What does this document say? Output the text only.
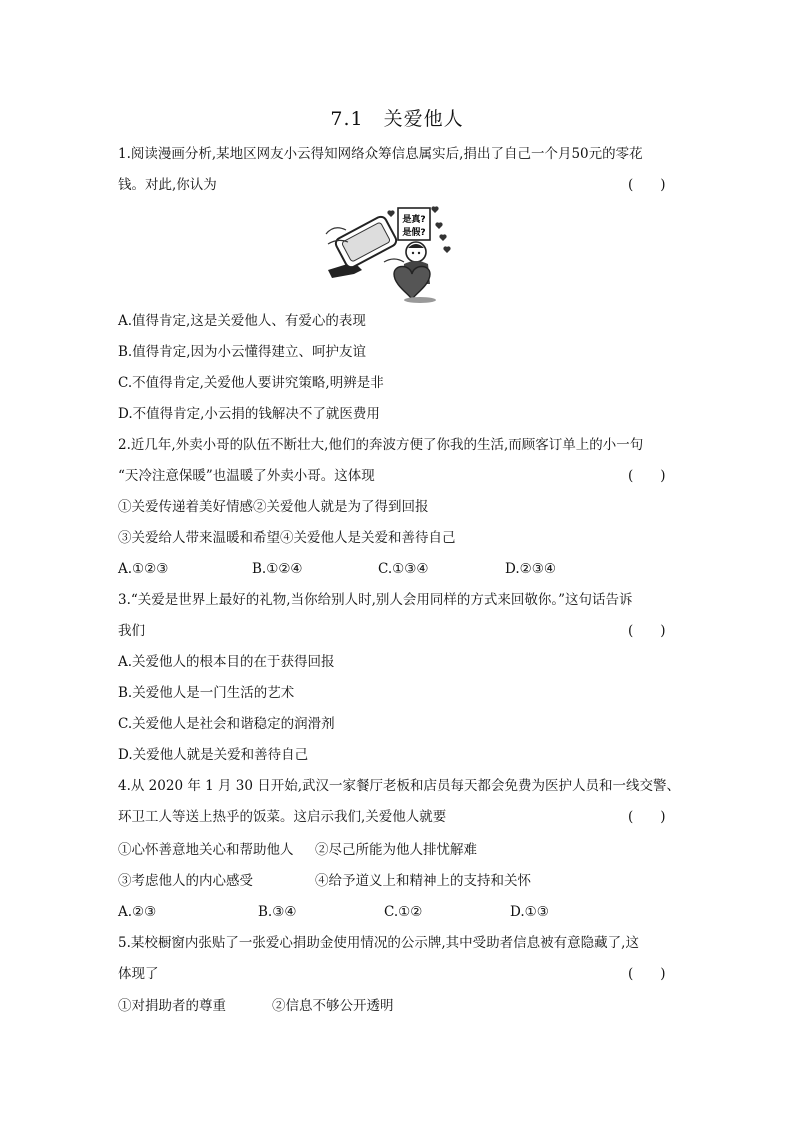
7.1　关爱他人
1.阅读漫画分析,某地区网友小云得知网络众筹信息属实后,捐出了自己一个月50元的零花
钱。对此,你认为	(　　)
是真?
是假?
A.值得肯定,这是关爱他人、有爱心的表现
B.值得肯定,因为小云懂得建立、呵护友谊
C.不值得肯定,关爱他人要讲究策略,明辨是非
D.不值得肯定,小云捐的钱解决不了就医费用
2.近几年,外卖小哥的队伍不断壮大,他们的奔波方便了你我的生活,而顾客订单上的小一句
“天冷注意保暖”也温暖了外卖小哥。这体现	(　　)
①关爱传递着美好情感②关爱他人就是为了得到回报
③关爱给人带来温暖和希望④关爱他人是关爱和善待自己
A.①②③	B.①②④	C.①③④	D.②③④
3.“关爱是世界上最好的礼物,当你给别人时,别人会用同样的方式来回敬你。”这句话告诉
我们	(　　)
A.关爱他人的根本目的在于获得回报
B.关爱他人是一门生活的艺术
C.关爱他人是社会和谐稳定的润滑剂
D.关爱他人就是关爱和善待自己
4.从 2020 年 1 月 30 日开始,武汉一家餐厅老板和店员每天都会免费为医护人员和一线交警、
环卫工人等送上热乎的饭菜。这启示我们,关爱他人就要	(　　)
①心怀善意地关心和帮助他人 ②尽己所能为他人排忧解难
③考虑他人的内心感受	④给予道义上和精神上的支持和关怀
A.②③	B.③④	C.①②	D.①③
5.某校橱窗内张贴了一张爱心捐助金使用情况的公示牌,其中受助者信息被有意隐藏了,这
体现了	(　　)
①对捐助者的尊重	②信息不够公开透明
